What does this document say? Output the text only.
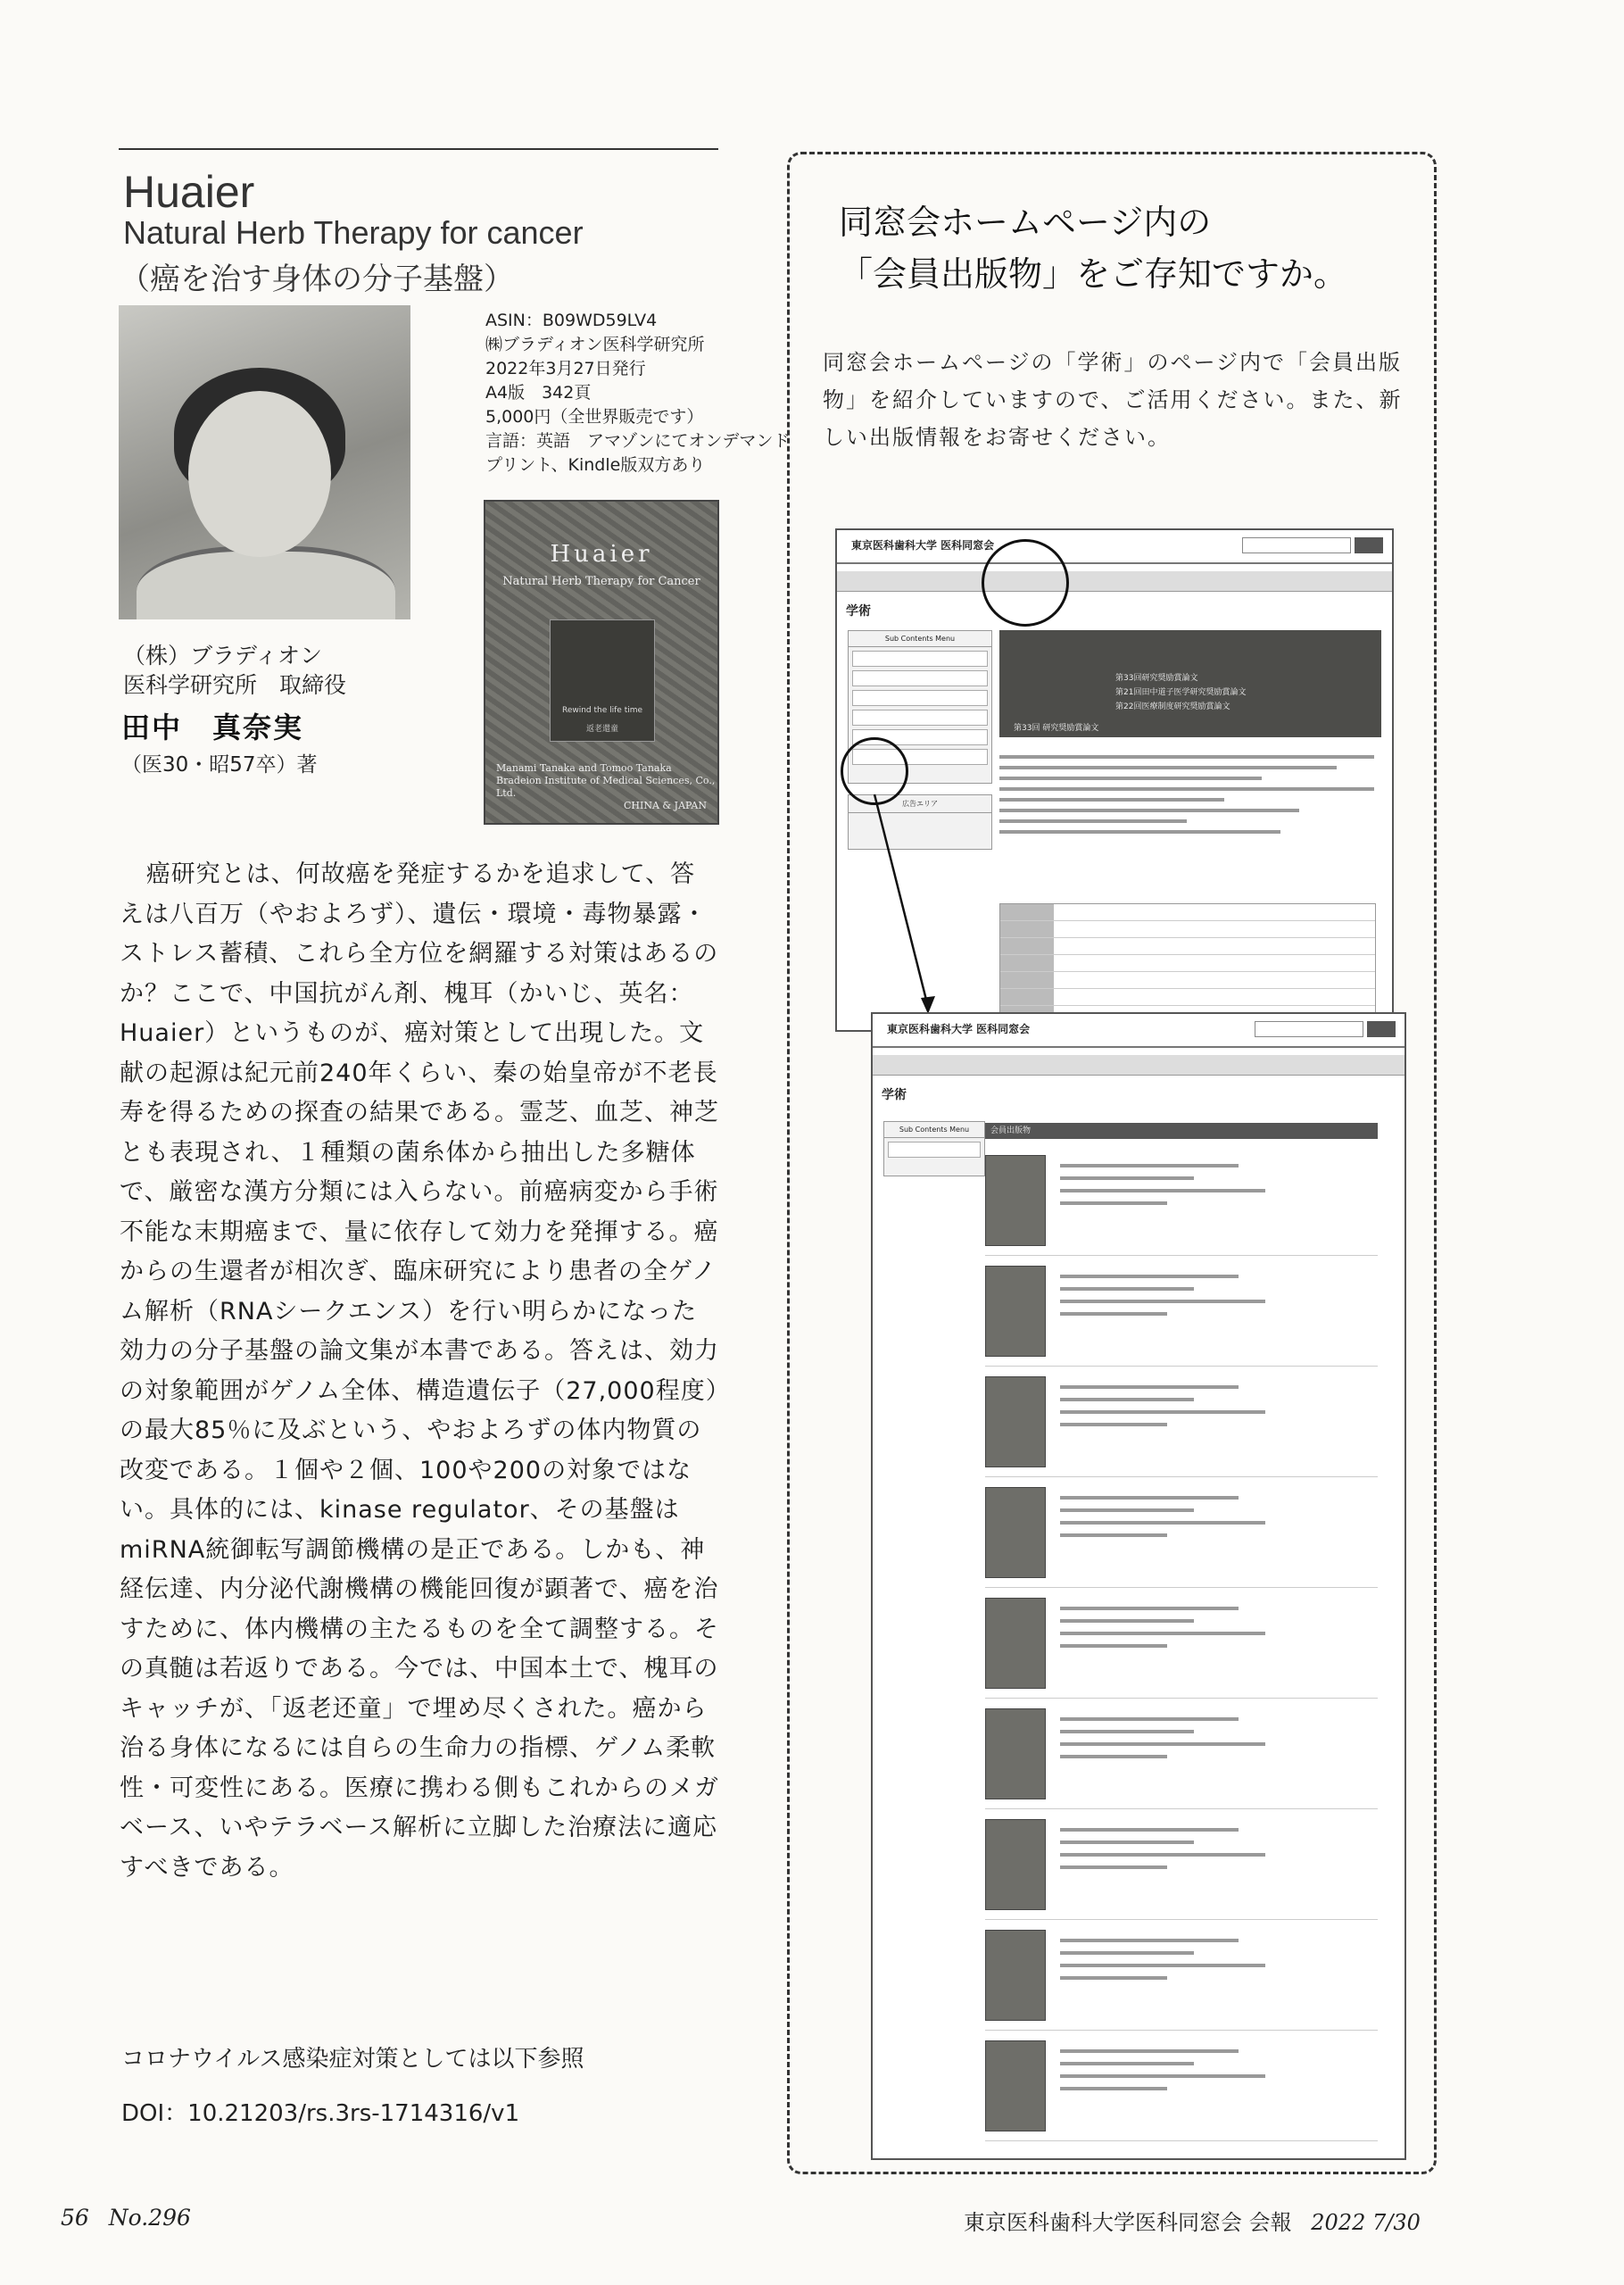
Huaier
Natural Herb Therapy for cancer
（癌を治す身体の分子基盤）
ASIN：B09WD59LV4
㈱ブラディオン医科学研究所
2022年3月27日発行
A4版　342頁
5,000円（全世界販売です）
言語：英語　アマゾンにてオンデマンド
プリント、Kindle版双方あり
Huaier
Natural Herb Therapy for Cancer
Rewind the life time
返老還童
Manami Tanaka and Tomoo Tanaka
Bradeion Institute of Medical Sciences, Co., Ltd.
CHINA & JAPAN
（株）ブラディオン
医科学研究所　取締役
田中　真奈実
（医30・昭57卒）著

癌研究とは、何故癌を発症するかを追求して、答えは八百万（やおよろず）、遺伝・環境・毒物暴露・ストレス蓄積、これら全方位を網羅する対策はあるのか？ここで、中国抗がん剤、槐耳（かいじ、英名：Huaier）というものが、癌対策として出現した。文献の起源は紀元前240年くらい、秦の始皇帝が不老長寿を得るための探査の結果である。霊芝、血芝、神芝とも表現され、１種類の菌糸体から抽出した多糖体で、厳密な漢方分類には入らない。前癌病変から手術不能な末期癌まで、量に依存して効力を発揮する。癌からの生還者が相次ぎ、臨床研究により患者の全ゲノム解析（RNAシークエンス）を行い明らかになった効力の分子基盤の論文集が本書である。答えは、効力の対象範囲がゲノム全体、構造遺伝子（27,000程度）の最大85％に及ぶという、やおよろずの体内物質の改変である。１個や２個、100や200の対象ではない。具体的には、kinase regulator、その基盤はmiRNA統御転写調節機構の是正である。しかも、神経伝達、内分泌代謝機構の機能回復が顕著で、癌を治すために、体内機構の主たるものを全て調整する。その真髄は若返りである。今では、中国本土で、槐耳のキャッチが、「返老还童」で埋め尽くされた。癌から治る身体になるには自らの生命力の指標、ゲノム柔軟性・可変性にある。医療に携わる側もこれからのメガベース、いやテラベース解析に立脚した治療法に適応すべきである。

コロナウイルス感染症対策としては以下参照
DOI：10.21203/rs.3rs-1714316/v1
同窓会ホームページ内の
「会員出版物」をご存知ですか。
同窓会ホームページの「学術」のページ内で「会員出版物」を紹介していますので、ご活用ください。また、新しい出版情報をお寄せください。
東京医科歯科大学 医科同窓会
学術
Sub Contents Menu
広告エリア
第33回研究奨励賞論文
第21回田中道子医学研究奨励賞論文
第22回医療制度研究奨励賞論文
第33回 研究奨励賞論文
東京医科歯科大学 医科同窓会
学術
Sub Contents Menu	会員出版物
56 No.296	東京医科歯科大学医科同窓会 会報 2022 7/30
